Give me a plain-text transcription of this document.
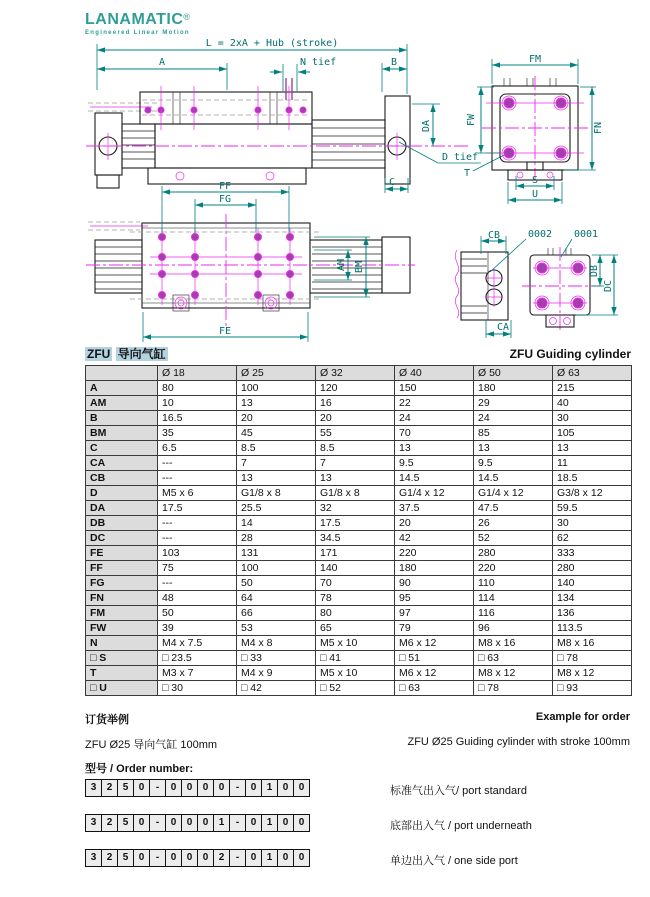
LANAMATIC®
Engineered Linear Motion
L = 2xA + Hub (stroke)
A	N tief	B
DA
D tief
T
C
FM
FW
FN
S
U
FF
FG
AM BM
FE
CB
CA
0002 0001
DB
DC
ZFU 导向气缸	ZFU Guiding cylinder
	Ø 18	Ø 25	Ø 32	Ø 40	Ø 50	Ø 63
A	80	100	120	150	180	215
AM	10	13	16	22	29	40
B	16.5	20	20	24	24	30
BM	35	45	55	70	85	105
C	6.5	8.5	8.5	13	13	13
CA	---	7	7	9.5	9.5	11
CB	---	13	13	14.5	14.5	18.5
D	M5 x 6	G1/8 x 8	G1/8 x 8	G1/4 x 12	G1/4 x 12	G3/8 x 12
DA	17.5	25.5	32	37.5	47.5	59.5
DB	---	14	17.5	20	26	30
DC	---	28	34.5	42	52	62
FE	103	131	171	220	280	333
FF	75	100	140	180	220	280
FG	---	50	70	90	110	140
FN	48	64	78	95	114	134
FM	50	66	80	97	116	136
FW	39	53	65	79	96	113.5
N	M4 x 7.5	M4 x 8	M5 x 10	M6 x 12	M8 x 16	M8 x 16
□ S	□ 23.5	□ 33	□ 41	□ 51	□ 63	□ 78
T	M3 x 7	M4 x 9	M5 x 10	M6 x 12	M8 x 12	M8 x 12
□ U	□ 30	□ 42	□ 52	□ 63	□ 78	□ 93
订货举例	Example for order
ZFU Ø25 导向气缸 100mm	ZFU Ø25 Guiding cylinder with stroke 100mm
型号 / Order number:
3	2	5	0	-	0	0	0	0	-	0	1	0	0	标准气出入气/ port standard
3	2	5	0	-	0	0	0	1	-	0	1	0	0	底部出入气 / port underneath
3	2	5	0	-	0	0	0	2	-	0	1	0	0	单边出入气 / one side port
